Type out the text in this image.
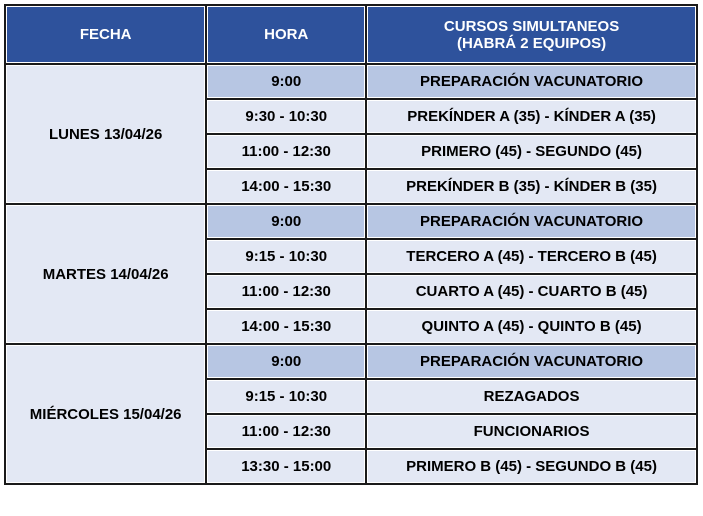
FECHA	HORA	CURSOS SIMULTANEOS
(HABRÁ 2 EQUIPOS)

LUNES 13/04/26	9:00	PREPARACIÓN VACUNATORIO
	9:30 - 10:30	PREKÍNDER A (35) - KÍNDER A (35)
	11:00 - 12:30	PRIMERO (45) - SEGUNDO (45)
	14:00 - 15:30	PREKÍNDER B (35) - KÍNDER B (35)
MARTES 14/04/26	9:00	PREPARACIÓN VACUNATORIO
	9:15 - 10:30	TERCERO A (45) - TERCERO B (45)
	11:00 - 12:30	CUARTO A (45) - CUARTO B (45)
	14:00 - 15:30	QUINTO A (45) - QUINTO B (45)
MIÉRCOLES 15/04/26	9:00	PREPARACIÓN VACUNATORIO
	9:15 - 10:30	REZAGADOS
	11:00 - 12:30	FUNCIONARIOS
	13:30 - 15:00	PRIMERO B (45) - SEGUNDO B (45)
